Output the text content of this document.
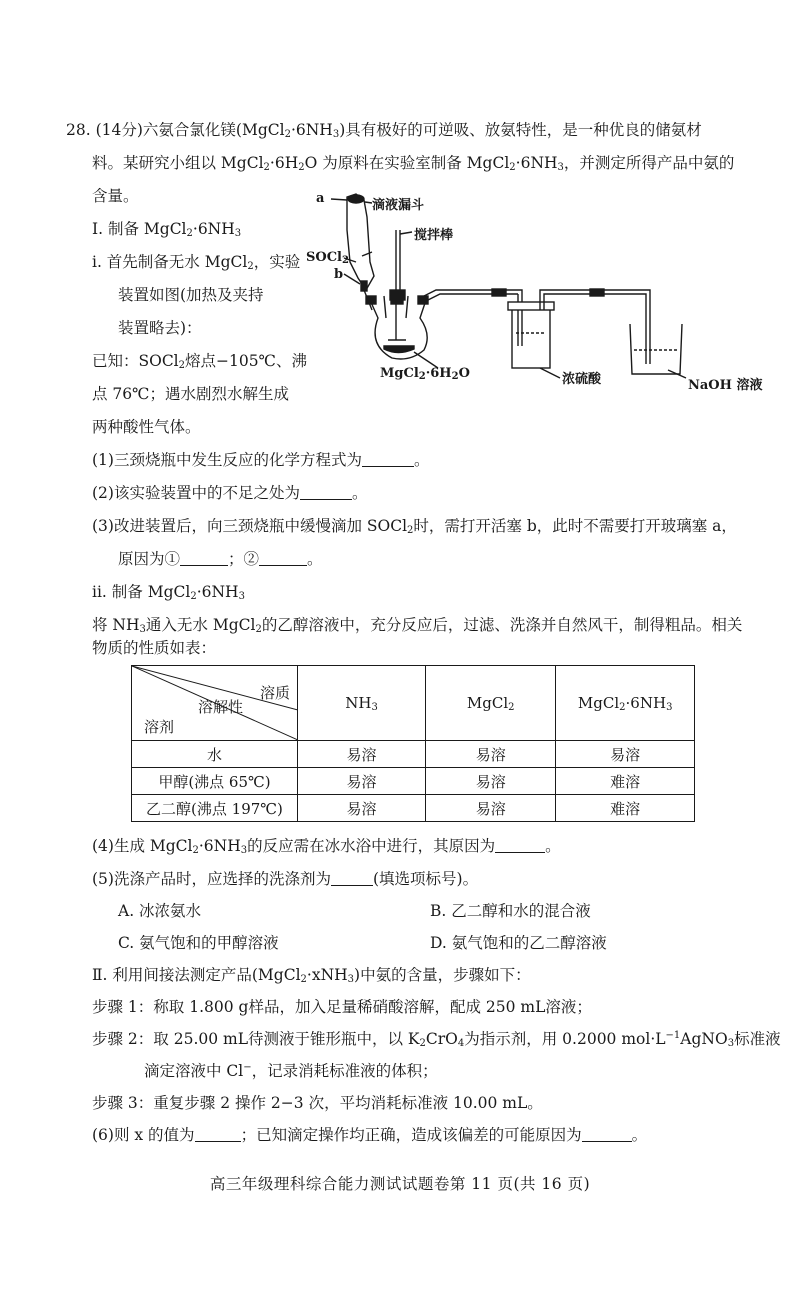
28. (14分)六氨合氯化镁$(MgCl_2\cdot 6NH_3)$具有极好的可逆吸、放氨特性，是一种优良的储氨材
料。某研究小组以 $MgCl_2\cdot 6H_2O$ 为原料在实验室制备 $MgCl_2\cdot 6NH_3$，并测定所得产品中氨的
含量。
Ⅰ. 制备 $MgCl_2\cdot 6NH_3$
i. 首先制备无水 MgCl$_2$，实验
装置如图(加热及夹持
装置略去)：
已知：SOCl$_2$熔点−105℃、沸
点 76℃；遇水剧烈水解生成
两种酸性气体。
a	滴液漏斗
搅拌棒
SOCl$_2$
b
$MgCl_2\cdot 6H_2O$	浓硫酸	NaOH 溶液
(1)三颈烧瓶中发生反应的化学方程式为	。
(2)该实验装置中的不足之处为	。
(3)改进装置后，向三颈烧瓶中缓慢滴加 SOCl$_2$时，需打开活塞 b，此时不需要打开玻璃塞 a，
原因为①	；②	。
ii. 制备 $MgCl_2\cdot 6NH_3$
将 $NH_3$通入无水 MgCl$_2$的乙醇溶液中，充分反应后，过滤、洗涤并自然风干，制得粗品。相关
物质的性质如表：
溶质
溶解性
溶剂	$NH_3$	MgCl$_2$	$MgCl_2\cdot 6NH_3$
水	易溶	易溶	易溶
甲醇(沸点 65℃)	易溶	易溶	难溶
乙二醇(沸点 197℃)	易溶	易溶	难溶
(4)生成 $MgCl_2\cdot 6NH_3$的反应需在冰水浴中进行，其原因为	。
(5)洗涤产品时，应选择的洗涤剂为	(填选项标号)。
A. 冰浓氨水	B. 乙二醇和水的混合液
C. 氨气饱和的甲醇溶液	D. 氨气饱和的乙二醇溶液
Ⅱ. 利用间接法测定产品(MgCl$_2$·xNH$_3$)中氨的含量，步骤如下：
步骤 1：称取 1.800 g样品，加入足量稀硝酸溶解，配成 250 mL溶液；
步骤 2：取 25.00 mL待测液于锥形瓶中，以 $K_2CrO_4$为指示剂，用 0.2000 $mol\cdot L^{-1}AgNO_3$标准液
滴定溶液中 Cl−，记录消耗标准液的体积；
步骤 3：重复步骤 2 操作 2−3 次，平均消耗标准液 10.00 mL。
(6)则 x 的值为	；已知滴定操作均正确，造成该偏差的可能原因为	。
高三年级理科综合能力测试试题卷第 11 页(共 16 页)
